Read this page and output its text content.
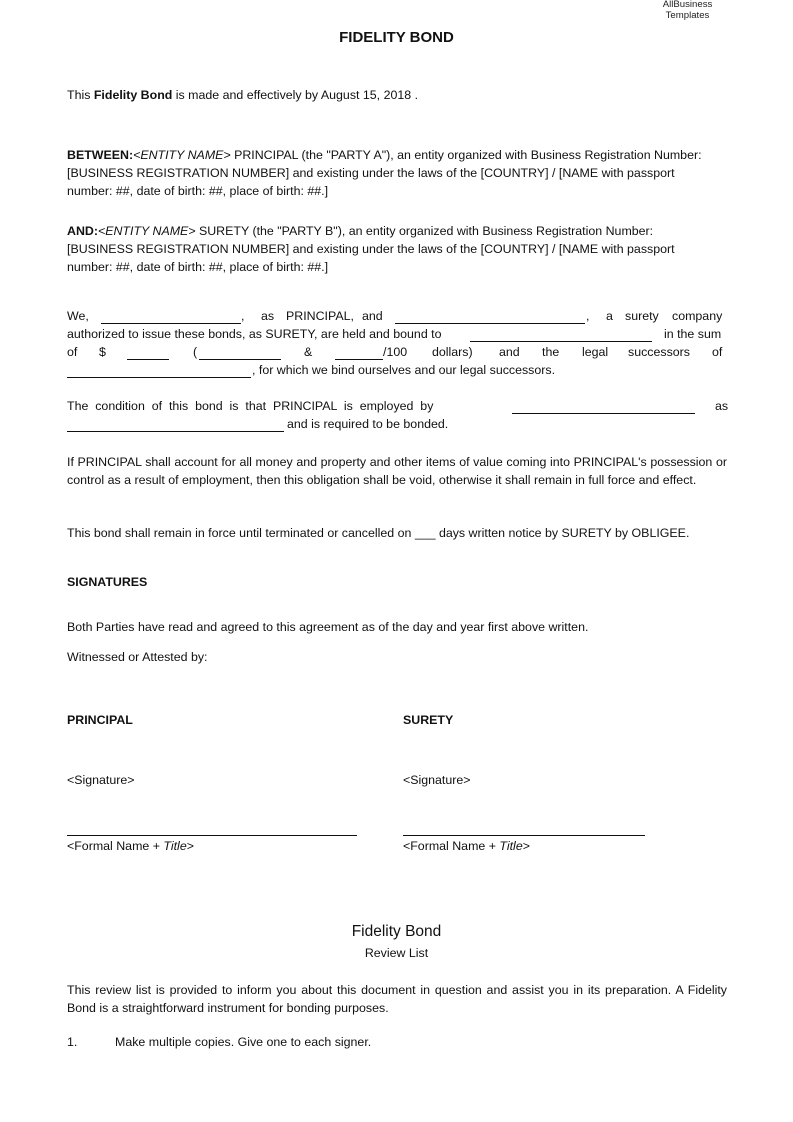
AllBusiness
Templates
FIDELITY BOND
This Fidelity Bond is made and effectively by August 15, 2018 .
BETWEEN:<ENTITY NAME> PRINCIPAL (the "PARTY A"), an entity organized with Business Registration Number:
[BUSINESS REGISTRATION NUMBER] and existing under the laws of the [COUNTRY] / [NAME with passport
number: ##, date of birth: ##, place of birth: ##.]
AND:<ENTITY NAME> SURETY (the "PARTY B"), an entity organized with Business Registration Number:
[BUSINESS REGISTRATION NUMBER] and existing under the laws of the [COUNTRY] / [NAME with passport
number: ##, date of birth: ##, place of birth: ##.]
We,	, as PRINCIPAL, and	, a surety company
authorized to issue these bonds, as SURETY, are held and bound to	in the sum
of $	(	&	/100 dollars) and the legal successors of
, for which we bind ourselves and our legal successors.
The  condition  of  this  bond  is  that  PRINCIPAL  is  employed  by	as
and is required to be bonded.
If PRINCIPAL shall account for all money and property and other items of value coming into PRINCIPAL's possession or control as a result of employment, then this obligation shall be void, otherwise it shall remain in full force and effect.
This bond shall remain in force until terminated or cancelled on ___ days written notice by SURETY by OBLIGEE.
SIGNATURES
Both Parties have read and agreed to this agreement as of the day and year first above written.
Witnessed or Attested by:
PRINCIPAL
<Signature>
<Formal Name + Title>
SURETY
<Signature>
<Formal Name + Title>
Fidelity Bond
Review List
This review list is provided to inform you about this document in question and assist you in its preparation. A Fidelity Bond is a straightforward instrument for bonding purposes.
1.	Make multiple copies. Give one to each signer.
